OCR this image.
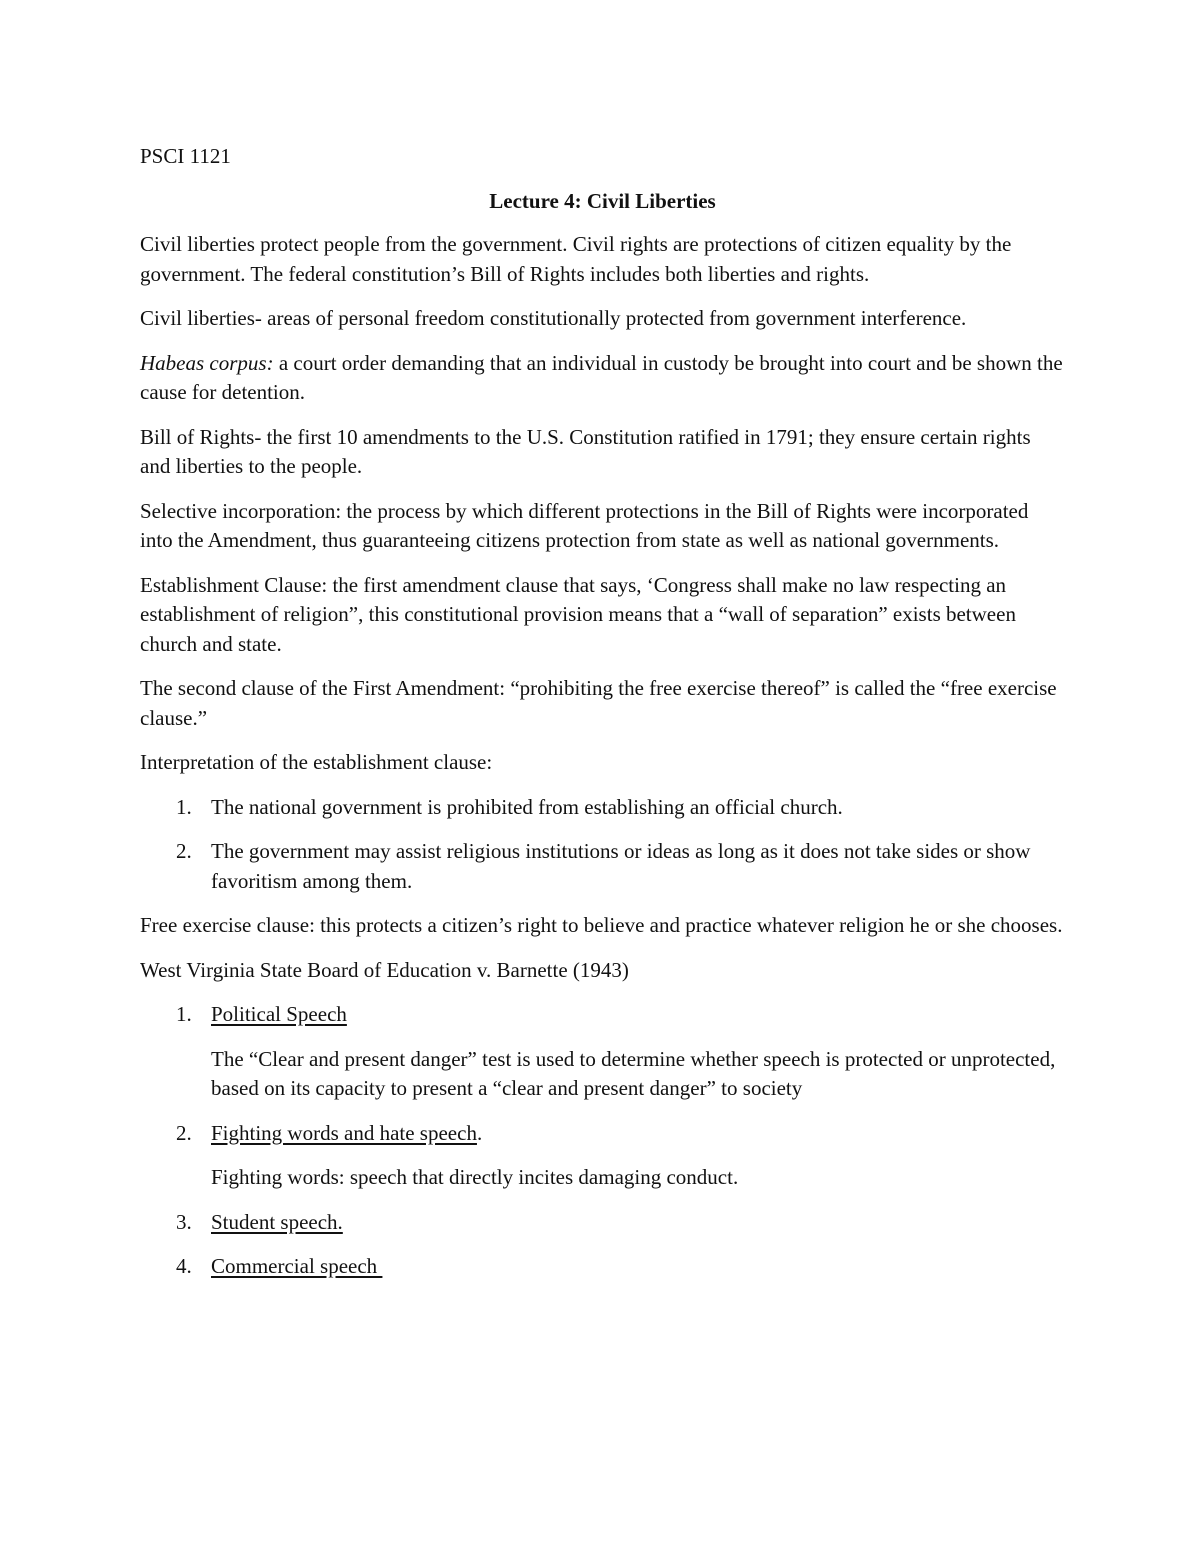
PSCI 1121

Lecture 4: Civil Liberties

Civil liberties protect people from the government. Civil rights are protections of citizen equality by the government. The federal constitution’s Bill of Rights includes both liberties and rights.

Civil liberties- areas of personal freedom constitutionally protected from government interference.

Habeas corpus: a court order demanding that an individual in custody be brought into court and be shown the cause for detention.

Bill of Rights- the first 10 amendments to the U.S. Constitution ratified in 1791; they ensure certain rights and liberties to the people.

Selective incorporation: the process by which different protections in the Bill of Rights were incorporated into the Amendment, thus guaranteeing citizens protection from state as well as national governments.

Establishment Clause: the first amendment clause that says, ‘Congress shall make no law respecting an establishment of religion”, this constitutional provision means that a “wall of separation” exists between church and state.

The second clause of the First Amendment: “prohibiting the free exercise thereof” is called the “free exercise clause.”

Interpretation of the establishment clause:

1. The national government is prohibited from establishing an official church.
2. The government may assist religious institutions or ideas as long as it does not take sides or show favoritism among them.

Free exercise clause: this protects a citizen’s right to believe and practice whatever religion he or she chooses.

West Virginia State Board of Education v. Barnette (1943)

1. Political Speech
The “Clear and present danger” test is used to determine whether speech is protected or unprotected, based on its capacity to present a “clear and present danger” to society
2. Fighting words and hate speech.
Fighting words: speech that directly incites damaging conduct.
3. Student speech.
4. Commercial speech
